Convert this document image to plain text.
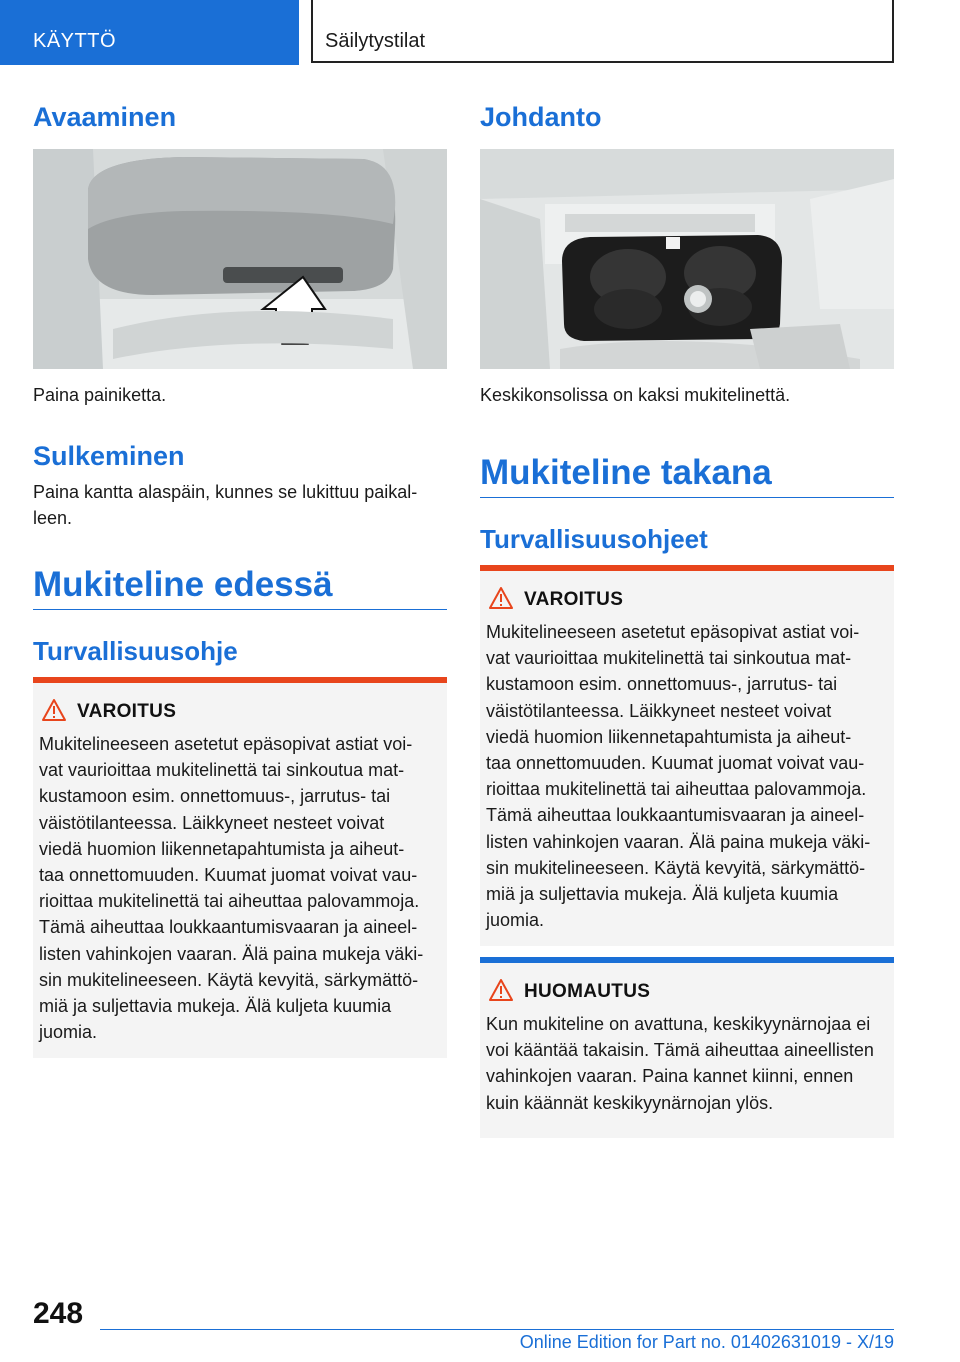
KÄYTTÖ	Säilytystilat
Avaaminen
Paina painiketta.
Sulkeminen
Paina kantta alaspäin, kunnes se lukittuu paikal-
leen.
Mukiteline edessä
Turvallisuusohje
VAROITUS
Mukitelineeseen asetetut epäsopivat astiat voi-
vat vaurioittaa mukitelinettä tai sinkoutua mat-
kustamoon esim. onnettomuus-, jarrutus- tai
väistötilanteessa. Läikkyneet nesteet voivat
viedä huomion liikennetapahtumista ja aiheut-
taa onnettomuuden. Kuumat juomat voivat vau-
rioittaa mukitelinettä tai aiheuttaa palovammoja.
Tämä aiheuttaa loukkaantumisvaaran ja aineel-
listen vahinkojen vaaran. Älä paina mukeja väki-
sin mukitelineeseen. Käytä kevyitä, särkymättö-
miä ja suljettavia mukeja. Älä kuljeta kuumia
juomia.
Johdanto
Keskikonsolissa on kaksi mukitelinettä.
Mukiteline takana
Turvallisuusohjeet
VAROITUS
Mukitelineeseen asetetut epäsopivat astiat voi-
vat vaurioittaa mukitelinettä tai sinkoutua mat-
kustamoon esim. onnettomuus-, jarrutus- tai
väistötilanteessa. Läikkyneet nesteet voivat
viedä huomion liikennetapahtumista ja aiheut-
taa onnettomuuden. Kuumat juomat voivat vau-
rioittaa mukitelinettä tai aiheuttaa palovammoja.
Tämä aiheuttaa loukkaantumisvaaran ja aineel-
listen vahinkojen vaaran. Älä paina mukeja väki-
sin mukitelineeseen. Käytä kevyitä, särkymättö-
miä ja suljettavia mukeja. Älä kuljeta kuumia
juomia.
HUOMAUTUS
Kun mukiteline on avattuna, keskikyynärnojaa ei
voi kääntää takaisin. Tämä aiheuttaa aineellisten
vahinkojen vaaran. Paina kannet kiinni, ennen
kuin käännät keskikyynärnojan ylös.
248
Online Edition for Part no. 01402631019 - X/19
